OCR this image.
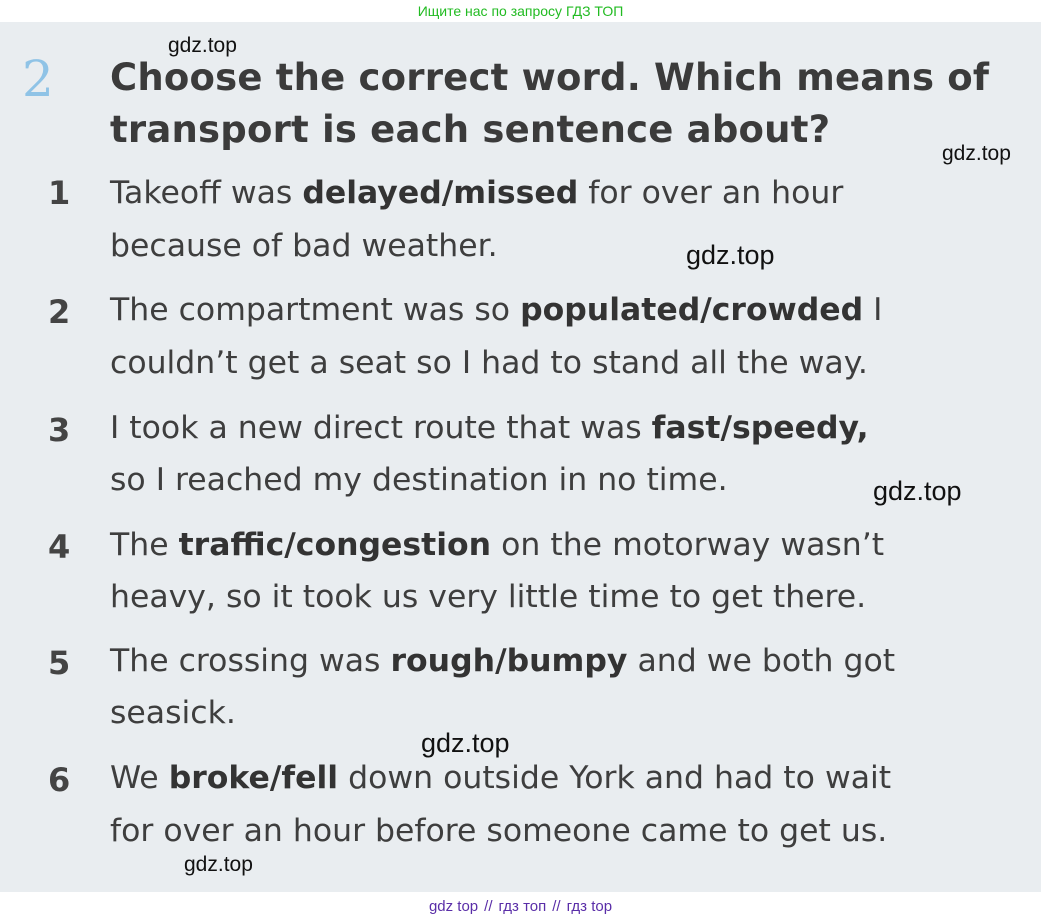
Ищите нас по запросу ГДЗ ТОП
2 Choose the correct word. Which means of
transport is each sentence about?
1	Takeoff was delayed/missed for over an hour
because of bad weather.
2	The compartment was so populated/crowded I
couldn’t get a seat so I had to stand all the way.
3	I took a new direct route that was fast/speedy,
so I reached my destination in no time.
4	The traffic/congestion on the motorway wasn’t
heavy, so it took us very little time to get there.
5	The crossing was rough/bumpy and we both got
seasick.
6	We broke/fell down outside York and had to wait
for over an hour before someone came to get us.
gdz.top
gdz.top
gdz.top
gdz.top
gdz.top
gdz.top
gdz top // гдз топ // гдз top
